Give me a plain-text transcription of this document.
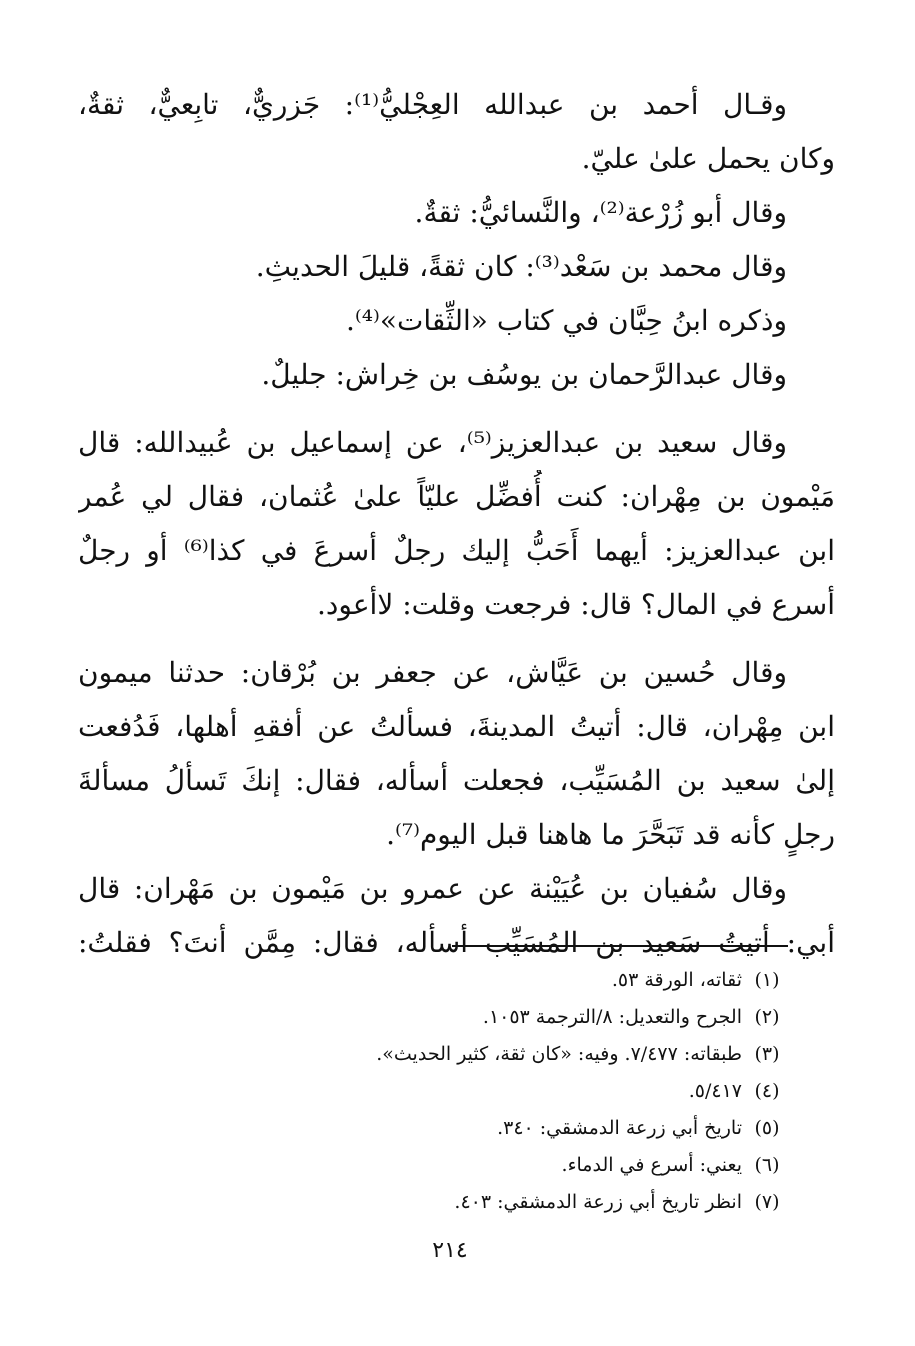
وقـال أحمد بن عبدالله العِجْليُّ⁽¹⁾: جَزريٌّ، تابِعيٌّ، ثقةٌ،
وكان يحمل علىٰ عليّ.
وقال أبو زُرْعة⁽²⁾، والنَّسائيُّ: ثقةٌ.
وقال محمد بن سَعْد⁽³⁾: كان ثقةً، قليلَ الحديثِ.
وذكره ابنُ حِبَّان في كتاب «الثِّقات»⁽⁴⁾.
وقال عبدالرَّحمان بن يوسُف بن خِراش: جليلٌ.
وقال سعيد بن عبدالعزيز⁽⁵⁾، عن إسماعيل بن عُبيدالله: قال
مَيْمون بن مِهْران: كنت أُفضِّل عليّاً علىٰ عُثمان، فقال لي عُمر
ابن عبدالعزيز: أيهما أَحَبُّ إليك رجلٌ أسرعَ في كذا⁽⁶⁾ أو رجلٌ
أسرع في المال؟ قال: فرجعت وقلت: لاأعود.
وقال حُسين بن عَيَّاش، عن جعفر بن بُرْقان: حدثنا ميمون
ابن مِهْران، قال: أتيتُ المدينةَ، فسألتُ عن أفقهِ أهلها، فَدُفعت
إلىٰ سعيد بن المُسَيِّب، فجعلت أسأله، فقال: إنكَ تَسألُ مسألةَ
رجلٍ كأنه قد تَبَحَّرَ ما هاهنا قبل اليوم⁽⁷⁾.
وقال سُفيان بن عُيَيْنة عن عمرو بن مَيْمون بن مَهْران: قال
أبي: أتيتُ سَعيد بن المُسَيِّب أسأله، فقال: مِمَّن أنتَ؟ فقلتُ:
(١)ثقاته، الورقة ٥٣.
(٢)الجرح والتعديل: ٨/الترجمة ١٠٥٣.
(٣)طبقاته: ٧/٤٧٧. وفيه: «كان ثقة، كثير الحديث».
(٤)٥/٤١٧.
(٥)تاريخ أبي زرعة الدمشقي: ٣٤٠.
(٦)يعني: أسرع في الدماء.
(٧)انظر تاريخ أبي زرعة الدمشقي: ٤٠٣.
٢١٤
